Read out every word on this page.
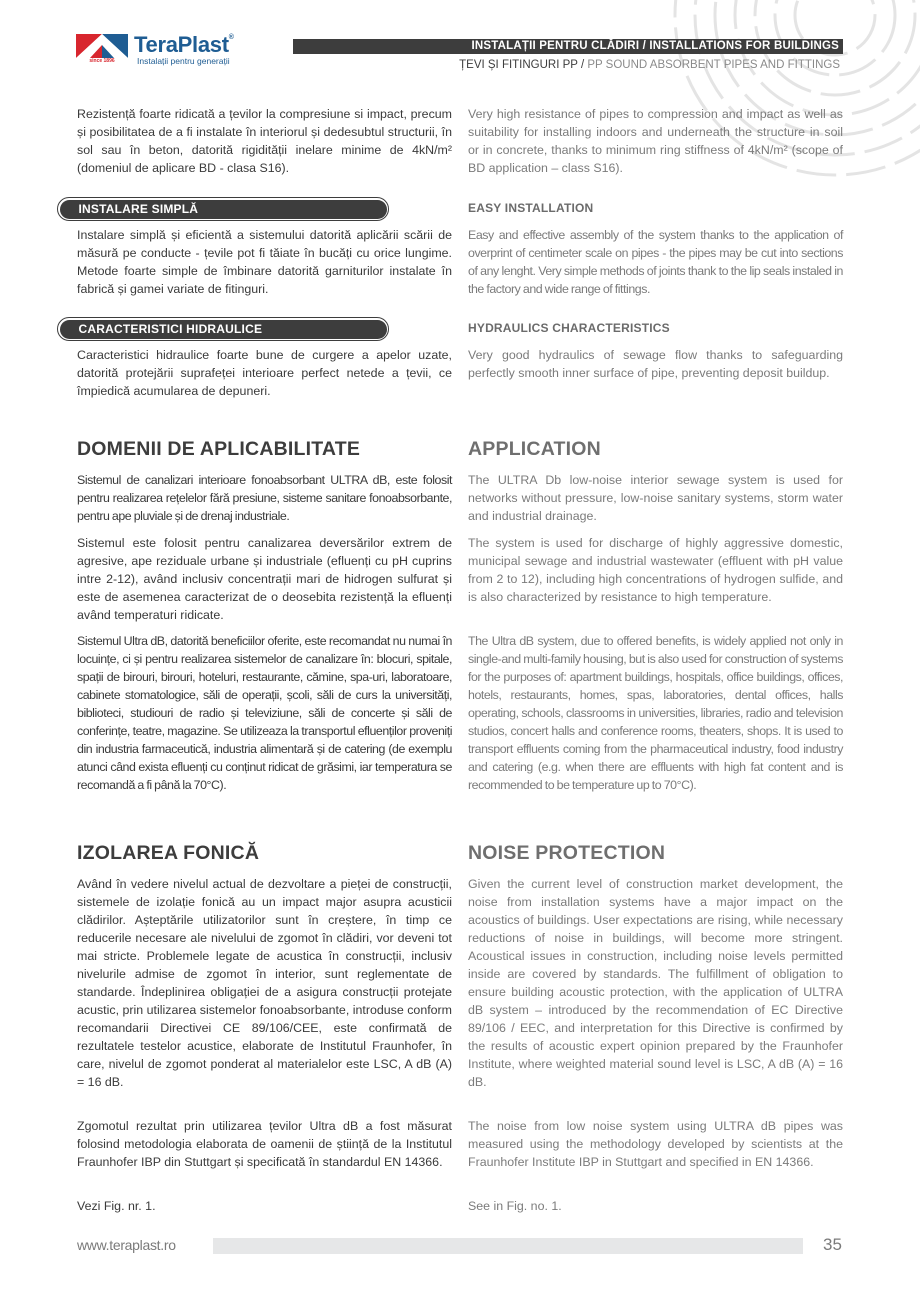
since 1896
TeraPlast®
Instalații pentru generații
INSTALAȚII PENTRU CLĂDIRI / INSTALLATIONS FOR BUILDINGS
ȚEVI ȘI FITINGURI PP / PP SOUND ABSORBENT PIPES AND FITTINGS

Rezistență foarte ridicată a țevilor la compresiune si impact, precum și posibilitatea de a fi instalate în interiorul și dedesubtul structurii, în sol sau în beton, datorită rigidității inelare minime de 4kN/m² (domeniul de aplicare BD - clasa S16).

Very high resistance of pipes to compression and impact as well as suitability for installing indoors and underneath the structure in soil or in concrete, thanks to minimum ring stiffness of 4kN/m² (scope of BD application – class S16).

INSTALARE SIMPLĂ	EASY INSTALLATION

Instalare simplă și eficientă a sistemului datorită aplicării scării de măsură pe conducte - țevile pot fi tăiate în bucăți cu orice lungime. Metode foarte simple de îmbinare datorită garniturilor instalate în fabrică și gamei variate de fitinguri.

Easy and effective assembly of the system thanks to the application of overprint of centimeter scale on pipes - the pipes may be cut into sections of any lenght. Very simple methods of joints thank to the lip seals instaled in the factory and wide range of fittings.

CARACTERISTICI HIDRAULICE	HYDRAULICS CHARACTERISTICS

Caracteristici hidraulice foarte bune de curgere a apelor uzate, datorită protejării suprafeței interioare perfect netede a țevii, ce împiedică acumularea de depuneri.

Very good hydraulics of sewage flow thanks to safeguarding perfectly smooth inner surface of pipe, preventing deposit buildup.

DOMENII DE APLICABILITATE	APPLICATION

Sistemul de canalizari interioare fonoabsorbant ULTRA dB, este folosit pentru realizarea rețelelor fără presiune, sisteme sanitare fonoabsorbante, pentru ape pluviale și de drenaj industriale.

Sistemul este folosit pentru canalizarea deversărilor extrem de agresive, ape reziduale urbane și industriale (efluenți cu pH cuprins intre 2-12), având inclusiv concentrații mari de hidrogen sulfurat și este de asemenea caracterizat de o deosebita rezistență la efluenți având temperaturi ridicate.

Sistemul Ultra dB, datorită beneficiilor oferite, este recomandat nu numai în locuințe, ci și pentru realizarea sistemelor de canalizare în: blocuri, spitale, spații de birouri, birouri, hoteluri, restaurante, cămine, spa-uri, laboratoare, cabinete stomatologice, săli de operații, școli, săli de curs la universități, biblioteci, studiouri de radio și televiziune, săli de concerte și săli de conferințe, teatre, magazine. Se utilizeaza la transportul efluenților proveniți din industria farmaceutică, industria alimentară și de catering (de exemplu atunci când exista efluenți cu conținut ridicat de grăsimi, iar temperatura se recomandă a fi până la 70°C).

The ULTRA Db low-noise interior sewage system is used for networks without pressure, low-noise sanitary systems, storm water and industrial drainage.

The system is used for discharge of highly aggressive domestic, municipal sewage and industrial wastewater (effluent with pH value from 2 to 12), including high concentrations of hydrogen sulfide, and is also characterized by resistance to high temperature.

The Ultra dB system, due to offered benefits, is widely applied not only in single-and multi-family housing, but is also used for construction of systems for the purposes of: apartment buildings, hospitals, office buildings, offices, hotels, restaurants, homes, spas, laboratories, dental offices, halls operating, schools, classrooms in universities, libraries, radio and television studios, concert halls and conference rooms, theaters, shops. It is used to transport effluents coming from the pharmaceutical industry, food industry and catering (e.g. when there are effluents with high fat content and is recommended to be temperature up to 70°C).

IZOLAREA FONICĂ	NOISE PROTECTION

Având în vedere nivelul actual de dezvoltare a pieței de construcții, sistemele de izolație fonică au un impact major asupra acusticii clădirilor. Așteptările utilizatorilor sunt în creștere, în timp ce reducerile necesare ale nivelului de zgomot în clădiri, vor deveni tot mai stricte. Problemele legate de acustica în construcții, inclusiv nivelurile admise de zgomot în interior, sunt reglementate de standarde. Îndeplinirea obligației de a asigura construcții protejate acustic, prin utilizarea sistemelor fonoabsorbante, introduse conform recomandarii Directivei CE 89/106/CEE, este confirmată de rezultatele testelor acustice, elaborate de Institutul Fraunhofer, în care, nivelul de zgomot ponderat al materialelor este LSC, A dB (A) = 16 dB.

Zgomotul rezultat prin utilizarea țevilor Ultra dB a fost măsurat folosind metodologia elaborata de oamenii de știință de la Institutul Fraunhofer IBP din Stuttgart și specificată în standardul EN 14366.

Vezi Fig. nr. 1.

Given the current level of construction market development, the noise from installation systems have a major impact on the acoustics of buildings. User expectations are rising, while necessary reductions of noise in buildings, will become more stringent. Acoustical issues in construction, including noise levels permitted inside are covered by standards. The fulfillment of obligation to ensure building acoustic protection, with the application of ULTRA dB system – introduced by the recommendation of EC Directive 89/106 / EEC, and interpretation for this Directive is confirmed by the results of acoustic expert opinion prepared by the Fraunhofer Institute, where weighted material sound level is LSC, A dB (A) = 16 dB.

The noise from low noise system using ULTRA dB pipes was measured using the methodology developed by scientists at the Fraunhofer Institute IBP in Stuttgart and specified in EN 14366.

See in Fig. no. 1.

www.teraplast.ro	35
